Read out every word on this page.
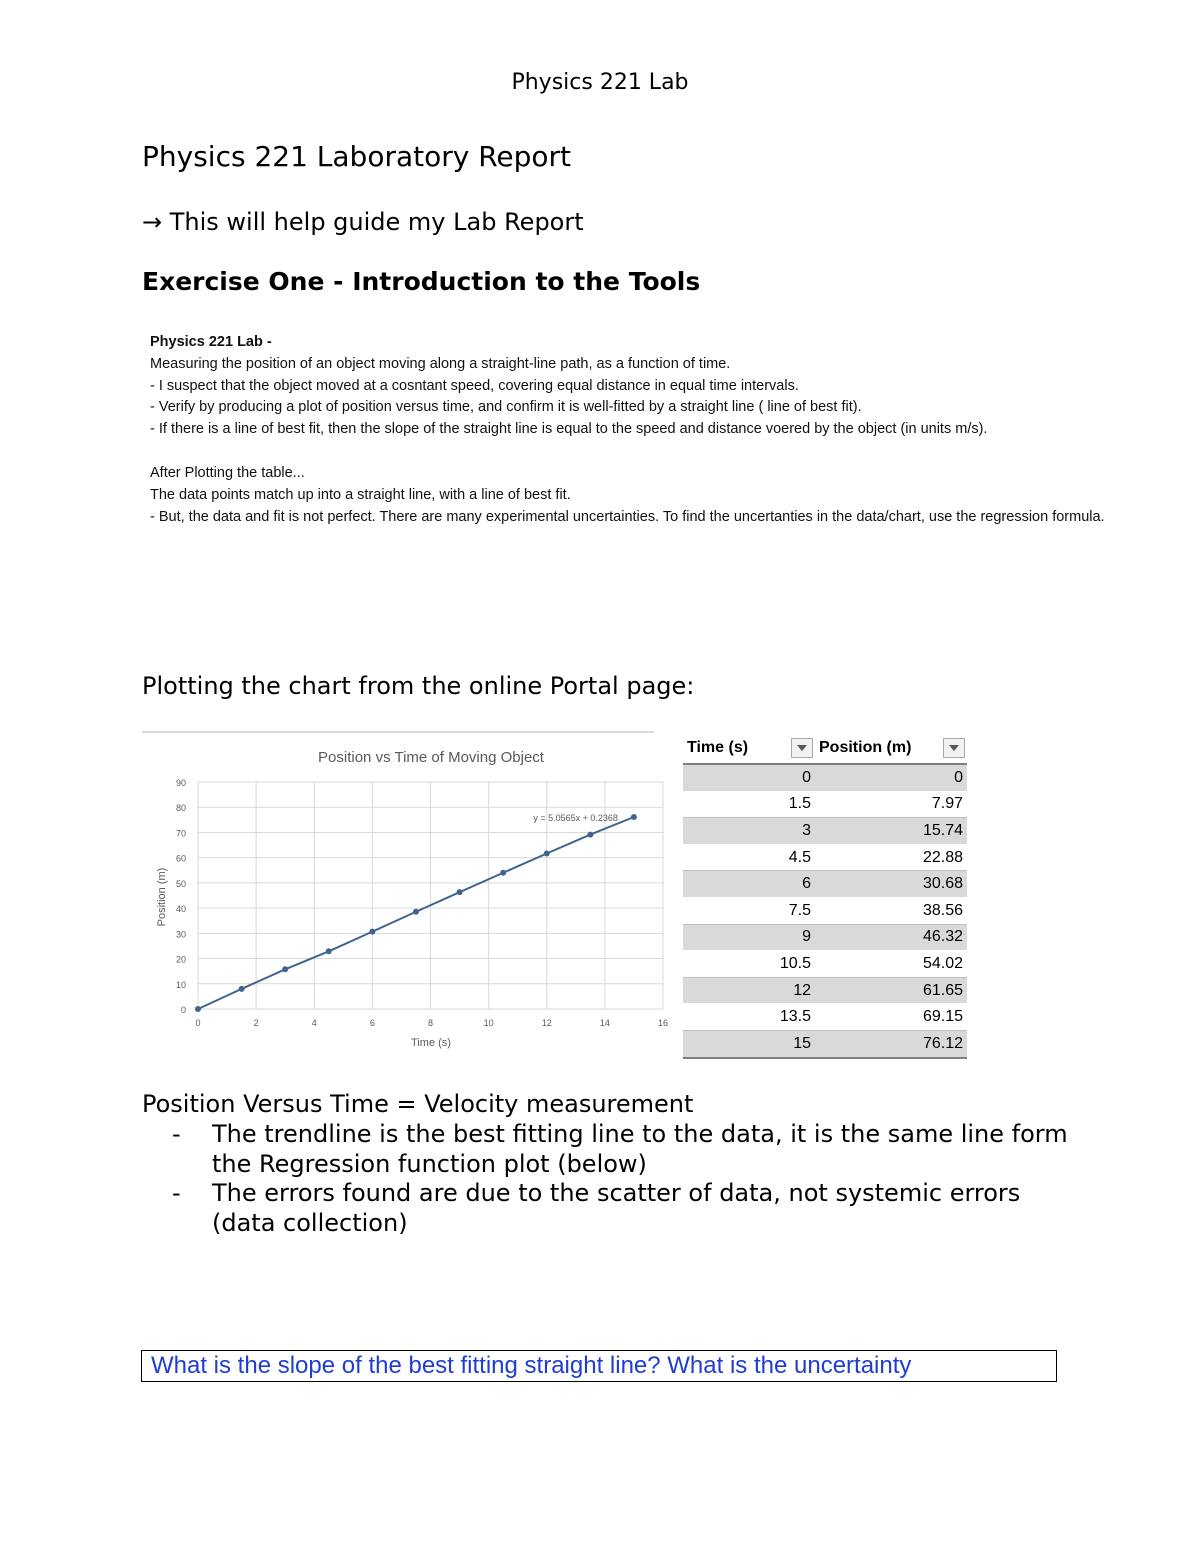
Physics 221 Lab
Physics 221 Laboratory Report
→ This will help guide my Lab Report
Exercise One - Introduction to the Tools
Physics 221 Lab -
Measuring the position of an object moving along a straight-line path, as a function of time.
- I suspect that the object moved at a cosntant speed, covering equal distance in equal time intervals.
- Verify by producing a plot of position versus time, and confirm it is well-fitted by a straight line ( line of best fit).
- If there is a line of best fit, then the slope of the straight line is equal to the speed and distance voered by the object (in units m/s).
After Plotting the table...
The data points match up into a straight line, with a line of best fit.
- But, the data and fit is not perfect. There are many experimental uncertainties. To find the uncertanties in the data/chart, use the regression formula.
Plotting the chart from the online Portal page:
Position vs Time of Moving Object
Time (s)
Position (m)
0
10
20
30
40
50
60
70
80
90
0	2	4	6	8	10	12	14	16
y = 5.0565x + 0.2368
Time (s)	Position (m)

0	0
1.5	7.97
3	15.74
4.5	22.88
6	30.68
7.5	38.56
9	46.32
10.5	54.02
12	61.65
13.5	69.15
15	76.12
Position Versus Time = Velocity measurement
- The trendline is the best fitting line to the data, it is the same line form the Regression function plot (below)
- The errors found are due to the scatter of data, not systemic errors (data collection)
What is the slope of the best fitting straight line? What is the uncertainty
